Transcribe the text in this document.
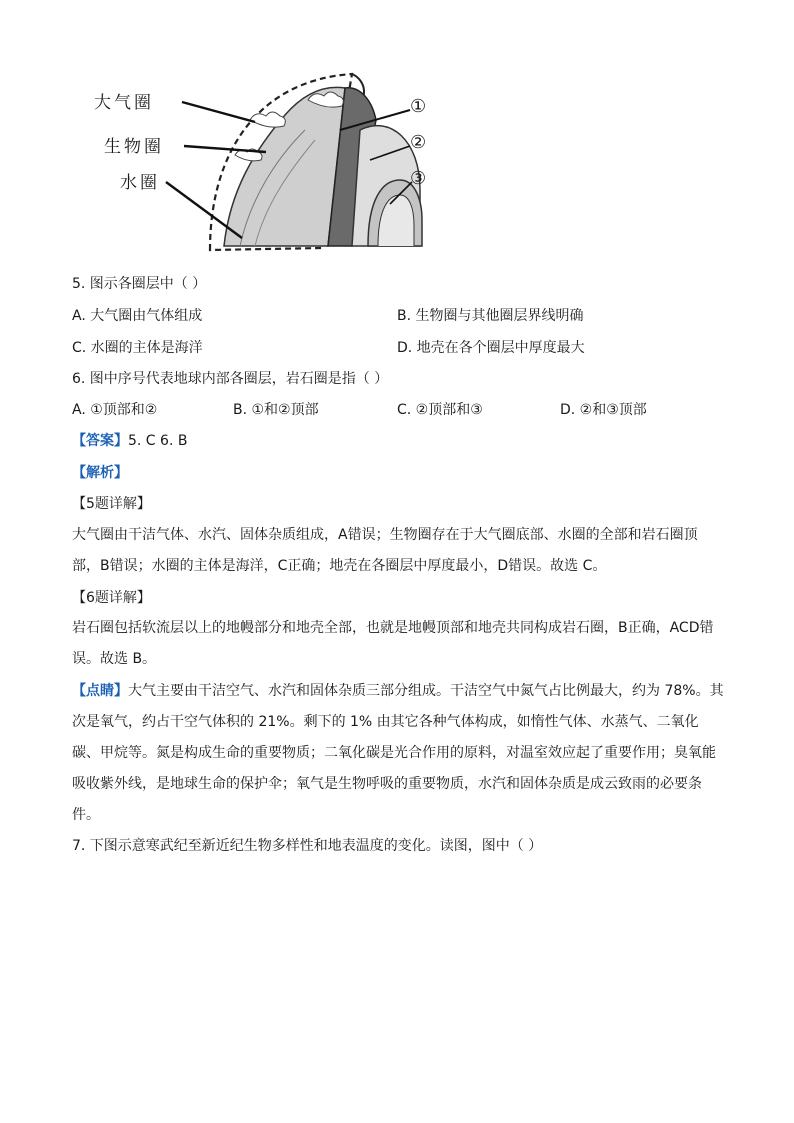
大气圈
生物圈
水圈
①
②
③
5. 图示各圈层中（ ）
A. 大气圈由气体组成	B. 生物圈与其他圈层界线明确
C. 水圈的主体是海洋	D. 地壳在各个圈层中厚度最大
6. 图中序号代表地球内部各圈层，岩石圈是指（ ）
A. ①顶部和②	B. ①和②顶部	C. ②顶部和③	D. ②和③顶部
【答案】5. C 6. B
【解析】
【5题详解】
大气圈由干洁气体、水汽、固体杂质组成，A错误；生物圈存在于大气圈底部、水圈的全部和岩石圈顶部，B错误；水圈的主体是海洋，C正确；地壳在各圈层中厚度最小，D错误。故选 C。
【6题详解】
岩石圈包括软流层以上的地幔部分和地壳全部，也就是地幔顶部和地壳共同构成岩石圈，B正确，ACD错误。故选 B。
【点睛】大气主要由干洁空气、水汽和固体杂质三部分组成。干洁空气中氮气占比例最大，约为 78%。其次是氧气，约占干空气体积的 21%。剩下的 1% 由其它各种气体构成，如惰性气体、水蒸气、二氧化碳、甲烷等。氮是构成生命的重要物质；二氧化碳是光合作用的原料，对温室效应起了重要作用；臭氧能吸收紫外线，是地球生命的保护伞；氧气是生物呼吸的重要物质，水汽和固体杂质是成云致雨的必要条件。
7. 下图示意寒武纪至新近纪生物多样性和地表温度的变化。读图，图中（ ）
